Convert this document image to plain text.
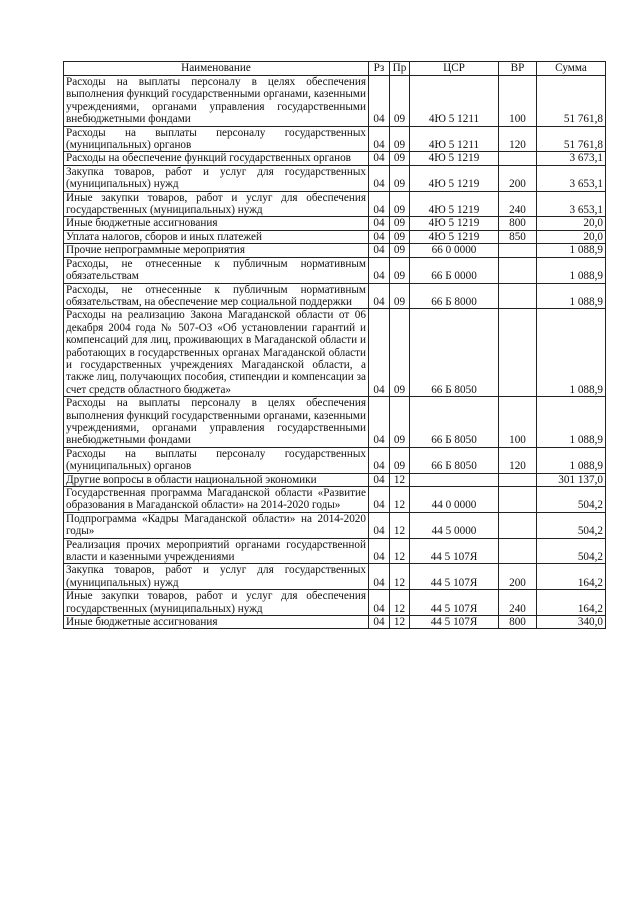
Наименование	Рз	Пр	ЦСР	ВР	Сумма
Расходы на выплаты персоналу в целях обеспечения выполнения функций государственными органами, казенными учреждениями, органами управления государственными внебюджетными фондами	04	09	4Ю 5 1211	100	51 761,8
Расходы на выплаты персоналу государственных (муниципальных) органов	04	09	4Ю 5 1211	120	51 761,8
Расходы на обеспечение функций государственных органов	04	09	4Ю 5 1219		3 673,1
Закупка товаров, работ и услуг для государственных (муниципальных) нужд	04	09	4Ю 5 1219	200	3 653,1
Иные закупки товаров, работ и услуг для обеспечения государственных (муниципальных) нужд	04	09	4Ю 5 1219	240	3 653,1
Иные бюджетные ассигнования	04	09	4Ю 5 1219	800	20,0
Уплата налогов, сборов и иных платежей	04	09	4Ю 5 1219	850	20,0
Прочие непрограммные мероприятия	04	09	66 0 0000		1 088,9
Расходы, не отнесенные к публичным нормативным обязательствам	04	09	66 Б 0000		1 088,9
Расходы, не отнесенные к публичным нормативным обязательствам, на обеспечение мер социальной поддержки	04	09	66 Б 8000		1 088,9
Расходы на реализацию Закона Магаданской области от 06 декабря 2004 года № 507-ОЗ «Об установлении гарантий и компенсаций для лиц, проживающих в Магаданской области и работающих в государственных органах Магаданской области и государственных учреждениях Магаданской области, а также лиц, получающих пособия, стипендии и компенсации за счет средств областного бюджета»	04	09	66 Б 8050		1 088,9
Расходы на выплаты персоналу в целях обеспечения выполнения функций государственными органами, казенными учреждениями, органами управления государственными внебюджетными фондами	04	09	66 Б 8050	100	1 088,9
Расходы на выплаты персоналу государственных (муниципальных) органов	04	09	66 Б 8050	120	1 088,9
Другие вопросы в области национальной экономики	04	12			301 137,0
Государственная программа Магаданской области «Развитие образования в Магаданской области» на 2014-2020 годы»	04	12	44 0 0000		504,2
Подпрограмма «Кадры Магаданской области» на 2014-2020 годы»	04	12	44 5 0000		504,2
Реализация прочих мероприятий органами государственной власти и казенными учреждениями	04	12	44 5 107Я		504,2
Закупка товаров, работ и услуг для государственных (муниципальных) нужд	04	12	44 5 107Я	200	164,2
Иные закупки товаров, работ и услуг для обеспечения государственных (муниципальных) нужд	04	12	44 5 107Я	240	164,2
Иные бюджетные ассигнования	04	12	44 5 107Я	800	340,0
